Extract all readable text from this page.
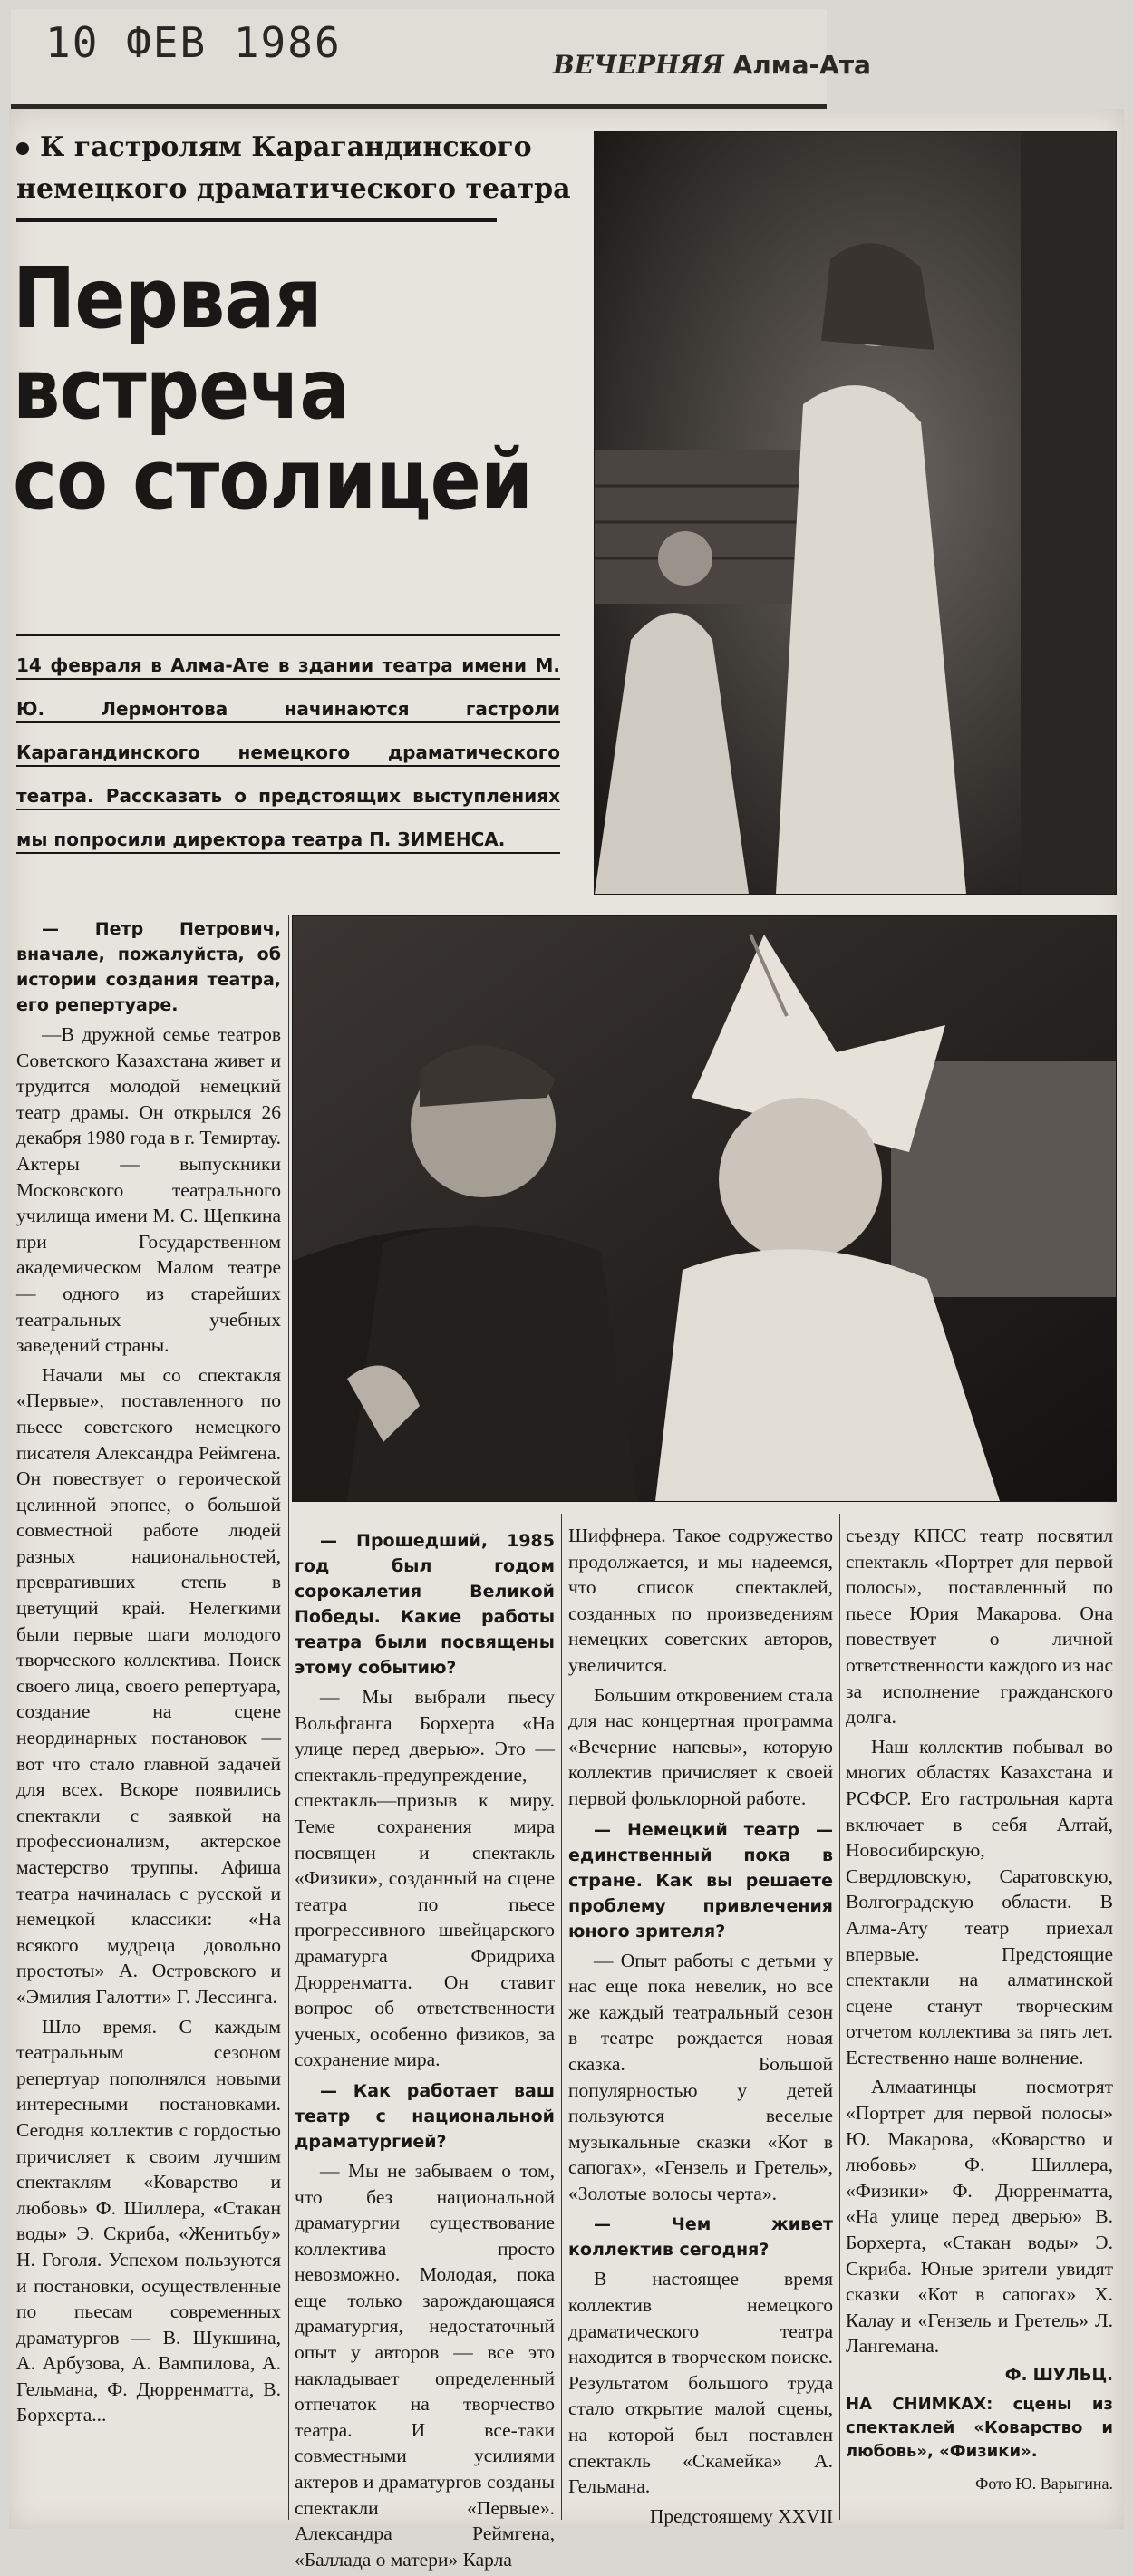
10 ФЕВ 1986	ВЕЧЕРНЯЯ Алма-Ата
К гастролям Карагандинского немецкого драматического театра
Первая
встреча
со столицей
14 февраля в Алма-Ате в здании театра имени М. Ю. Лермонтова начинаются гастроли Карагандинского немецкого драматического театра. Рассказать о предстоящих выступлениях мы попросили директора театра П. ЗИМЕНСА.

— Петр Петрович, вначале, пожалуйста, об истории создания театра, его репертуаре.

—В дружной семье театров Советского Казахстана живет и трудится молодой немецкий театр драмы. Он открылся 26 декабря 1980 года в г. Темиртау. Актеры — выпускники Московского театрального училища имени М. С. Щепкина при Государственном академическом Малом театре — одного из старейших театральных учебных заведений страны.

Начали мы со спектакля «Первые», поставленного по пьесе советского немецкого писателя Александра Реймгена. Он повествует о героической целинной эпопее, о большой совместной работе людей разных национальностей, превративших степь в цветущий край. Нелегкими были первые шаги молодого творческого коллектива. Поиск своего лица, своего репертуара, создание на сцене неординарных постановок — вот что стало главной задачей для всех. Вскоре появились спектакли с заявкой на профессионализм, актерское мастерство труппы. Афиша театра начиналась с русской и немецкой классики: «На всякого мудреца довольно простоты» А. Островского и «Эмилия Галотти» Г. Лессинга.

Шло время. С каждым театральным сезоном репертуар пополнялся новыми интересными постановками. Сегодня коллектив с гордостью причисляет к своим лучшим спектаклям «Коварство и любовь» Ф. Шиллера, «Стакан воды» Э. Скриба, «Женитьбу» Н. Гоголя. Успехом пользуются и постановки, осуществленные по пьесам современных драматургов — В. Шукшина, А. Арбузова, А. Вампилова, А. Гельмана, Ф. Дюрренматта, В. Борхерта...

— Прошедший, 1985 год был годом сорокалетия Великой Победы. Какие работы театра были посвящены этому событию?

— Мы выбрали пьесу Вольфганга Борхерта «На улице перед дверью». Это — спектакль-предупреждение, спектакль—призыв к миру. Теме сохранения мира посвящен и спектакль «Физики», созданный на сцене театра по пьесе прогрессивного швейцарского драматурга Фридриха Дюрренматта. Он ставит вопрос об ответственности ученых, особенно физиков, за сохранение мира.

— Как работает ваш театр с национальной драматургией?

— Мы не забываем о том, что без национальной драматургии существование коллектива просто невозможно. Молодая, пока еще только зарождающаяся драматургия, недостаточный опыт у авторов — все это накладывает определенный отпечаток на творчество театра. И все-таки совместными усилиями актеров и драматургов созданы спектакли «Первые». Александра Реймгена, «Баллада о матери» Карла

Шиффнера. Такое содружество продолжается, и мы надеемся, что список спектаклей, созданных по произведениям немецких советских авторов, увеличится.

Большим откровением стала для нас концертная программа «Вечерние напевы», которую коллектив причисляет к своей первой фольклорной работе.

— Немецкий театр — единственный пока в стране. Как вы решаете проблему привлечения юного зрителя?

— Опыт работы с детьми у нас еще пока невелик, но все же каждый театральный сезон в театре рождается новая сказка. Большой популярностью у детей пользуются веселые музыкальные сказки «Кот в сапогах», «Гензель и Гретель», «Золотые волосы черта».

— Чем живет коллектив сегодня?

В настоящее время коллектив немецкого драматического театра находится в творческом поиске. Результатом большого труда стало открытие малой сцены, на которой был поставлен спектакль «Скамейка» А. Гельмана.

Предстоящему XXVII

съезду КПСС театр посвятил спектакль «Портрет для первой полосы», поставленный по пьесе Юрия Макарова. Она повествует о личной ответственности каждого из нас за исполнение гражданского долга.

Наш коллектив побывал во многих областях Казахстана и РСФСР. Его гастрольная карта включает в себя Алтай, Новосибирскую, Свердловскую, Саратовскую, Волгоградскую области. В Алма-Ату театр приехал впервые. Предстоящие спектакли на алматинской сцене станут творческим отчетом коллектива за пять лет. Естественно наше волнение.

Алмаатинцы посмотрят «Портрет для первой полосы» Ю. Макарова, «Коварство и любовь» Ф. Шиллера, «Физики» Ф. Дюрренматта, «На улице перед дверью» В. Борхерта, «Стакан воды» Э. Скриба. Юные зрители увидят сказки «Кот в сапогах» Х. Калау и «Гензель и Гретель» Л. Лангемана.

Ф. ШУЛЬЦ.

НА СНИМКАХ: сцены из спектаклей «Коварство и любовь», «Физики».

Фото Ю. Варыгина.
